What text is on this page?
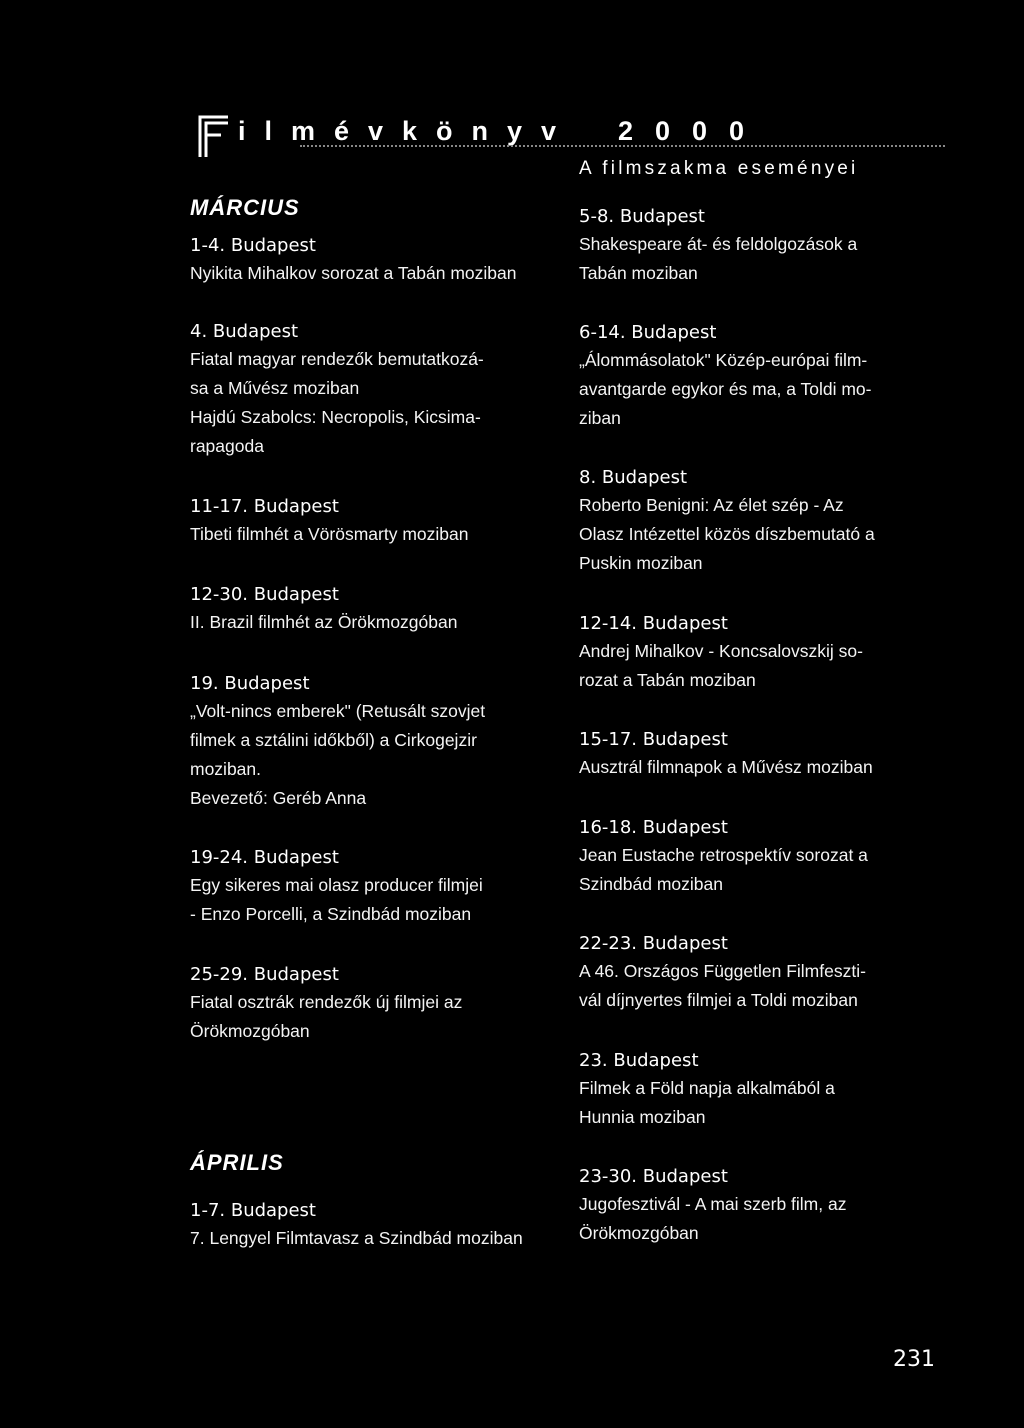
ilmévkönyv 2000
A filmszakma eseményei
MÁRCIUS
1-4. Budapest
Nyikita Mihalkov sorozat a Tabán moziban
4. Budapest
Fiatal magyar rendezők bemutatkozá-
sa a Művész moziban
Hajdú Szabolcs: Necropolis, Kicsima-
rapagoda
11-17. Budapest
Tibeti filmhét a Vörösmarty moziban
12-30. Budapest
II. Brazil filmhét az Örökmozgóban
19. Budapest
„Volt-nincs emberek" (Retusált szovjet
filmek a sztálini időkből) a Cirkogejzir
moziban.
Bevezető: Geréb Anna
19-24. Budapest
Egy sikeres mai olasz producer filmjei
- Enzo Porcelli, a Szindbád moziban
25-29. Budapest
Fiatal osztrák rendezők új filmjei az
Örökmozgóban
ÁPRILIS
1-7. Budapest
7. Lengyel Filmtavasz a Szindbád moziban
5-8. Budapest
Shakespeare át- és feldolgozások a
Tabán moziban
6-14. Budapest
„Álommásolatok" Közép-európai film-
avantgarde egykor és ma, a Toldi mo-
ziban
8. Budapest
Roberto Benigni: Az élet szép - Az
Olasz Intézettel közös díszbemutató a
Puskin moziban
12-14. Budapest
Andrej Mihalkov - Koncsalovszkij so-
rozat a Tabán moziban
15-17. Budapest
Ausztrál filmnapok a Művész moziban
16-18. Budapest
Jean Eustache retrospektív sorozat a
Szindbád moziban
22-23. Budapest
A 46. Országos Független Filmfeszti-
vál díjnyertes filmjei a Toldi moziban
23. Budapest
Filmek a Föld napja alkalmából a
Hunnia moziban
23-30. Budapest
Jugofesztivál - A mai szerb film, az
Örökmozgóban
231
